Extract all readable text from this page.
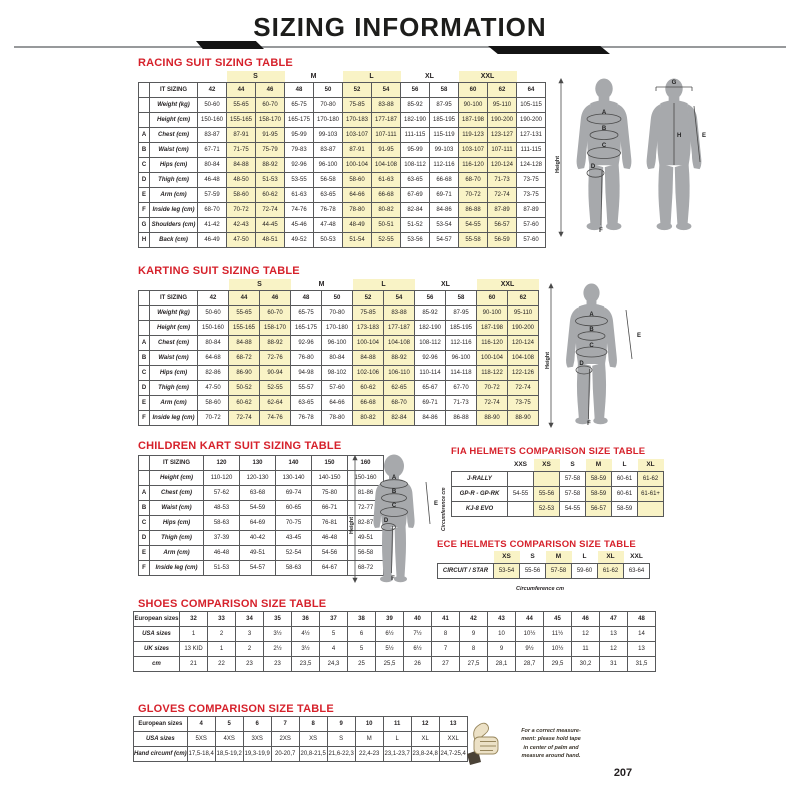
SIZING INFORMATION
RACING SUIT SIZING TABLE
			S		M		L		XL		XXL		
	IT SIZING	42	44	46	48	50	52	54	56	58	60	62	64
	Weight (kg)	50-60	55-65	60-70	65-75	70-80	75-85	83-88	85-92	87-95	90-100	95-110	105-115
	Height (cm)	150-160	155-165	158-170	165-175	170-180	170-183	177-187	182-190	185-195	187-198	190-200	190-200
A	Chest (cm)	83-87	87-91	91-95	95-99	99-103	103-107	107-111	111-115	115-119	119-123	123-127	127-131
B	Waist (cm)	67-71	71-75	75-79	79-83	83-87	87-91	91-95	95-99	99-103	103-107	107-111	111-115
C	Hips (cm)	80-84	84-88	88-92	92-96	96-100	100-104	104-108	108-112	112-116	116-120	120-124	124-128
D	Thigh (cm)	46-48	48-50	51-53	53-55	56-58	58-60	61-63	63-65	66-68	68-70	71-73	73-75
E	Arm (cm)	57-59	58-60	60-62	61-63	63-65	64-66	66-68	67-69	69-71	70-72	72-74	73-75
F	Inside leg (cm)	68-70	70-72	72-74	74-76	76-78	78-80	80-82	82-84	84-86	86-88	87-89	87-89
G	Shoulders (cm)	41-42	42-43	44-45	45-46	47-48	48-49	50-51	51-52	53-54	54-55	56-57	57-60
H	Back (cm)	46-49	47-50	48-51	49-52	50-53	51-54	52-55	53-56	54-57	55-58	56-59	57-60
Height
A
B
C
D
F
G
H	E
KARTING SUIT SIZING TABLE
			S		M		L		XL		XXL	
	IT SIZING	42	44	46	48	50	52	54	56	58	60	62
	Weight (kg)	50-60	55-65	60-70	65-75	70-80	75-85	83-88	85-92	87-95	90-100	95-110
	Height (cm)	150-160	155-165	158-170	165-175	170-180	173-183	177-187	182-190	185-195	187-198	190-200
A	Chest (cm)	80-84	84-88	88-92	92-96	96-100	100-104	104-108	108-112	112-116	116-120	120-124
B	Waist (cm)	64-68	68-72	72-76	76-80	80-84	84-88	88-92	92-96	96-100	100-104	104-108
C	Hips (cm)	82-86	86-90	90-94	94-98	98-102	102-106	106-110	110-114	114-118	118-122	122-126
D	Thigh (cm)	47-50	50-52	52-55	55-57	57-60	60-62	62-65	65-67	67-70	70-72	72-74
E	Arm (cm)	58-60	60-62	62-64	63-65	64-66	66-68	68-70	69-71	71-73	72-74	73-75
F	Inside leg (cm)	70-72	72-74	74-76	76-78	78-80	80-82	82-84	84-86	86-88	88-90	88-90
Height
A
B
C
D
E
F
CHILDREN KART SUIT SIZING TABLE
	IT SIZING	120	130	140	150	160
	Height (cm)	110-120	120-130	130-140	140-150	150-160
A	Chest (cm)	57-62	63-68	69-74	75-80	81-86
B	Waist (cm)	48-53	54-59	60-65	66-71	72-77
C	Hips (cm)	58-63	64-69	70-75	76-81	82-87
D	Thigh (cm)	37-39	40-42	43-45	46-48	49-51
E	Arm (cm)	46-48	49-51	52-54	54-56	56-58
F	Inside leg (cm)	51-53	54-57	58-63	64-67	68-72
Height
A
B
C
D
E
F
FIA HELMETS COMPARISON SIZE TABLE
Circumference cm
	XXS	XS	S	M	L	XL
J-RALLY			57-58	58-59	60-61	61-62
GP-R - GP-RK	54-55	55-56	57-58	58-59	60-61	61-61+
KJ-8 EVO		52-53	54-55	56-57	58-59	
ECE HELMETS COMPARISON SIZE TABLE
	XS	S	M	L	XL	XXL
CIRCUIT / STAR	53-54	55-56	57-58	59-60	61-62	63-64
Circumference cm
SHOES COMPARISON SIZE TABLE
European sizes	32	33	34	35	36	37	38	39	40	41	42	43	44	45	46	47	48
USA sizes	1	2	3	3½	4½	5	6	6½	7½	8	9	10	10½	11½	12	13	14
UK sizes	13 KID	1	2	2½	3½	4	5	5½	6½	7	8	9	9½	10½	11	12	13
cm	21	22	23	23	23,5	24,3	25	25,5	26	27	27,5	28,1	28,7	29,5	30,2	31	31,5
GLOVES COMPARISON SIZE TABLE
European sizes	4	5	6	7	8	9	10	11	12	13
USA sizes	5XS	4XS	3XS	2XS	XS	S	M	L	XL	XXL
Hand circumf (cm)	17,5-18,4	18,5-19,2	19,3-19,9	20-20,7	20,8-21,5	21,6-22,3	22,4-23	23,1-23,7	23,8-24,8	24,7-25,4
For a correct measure-
ment: please hold tape
in center of palm and
measure around hand.
207
